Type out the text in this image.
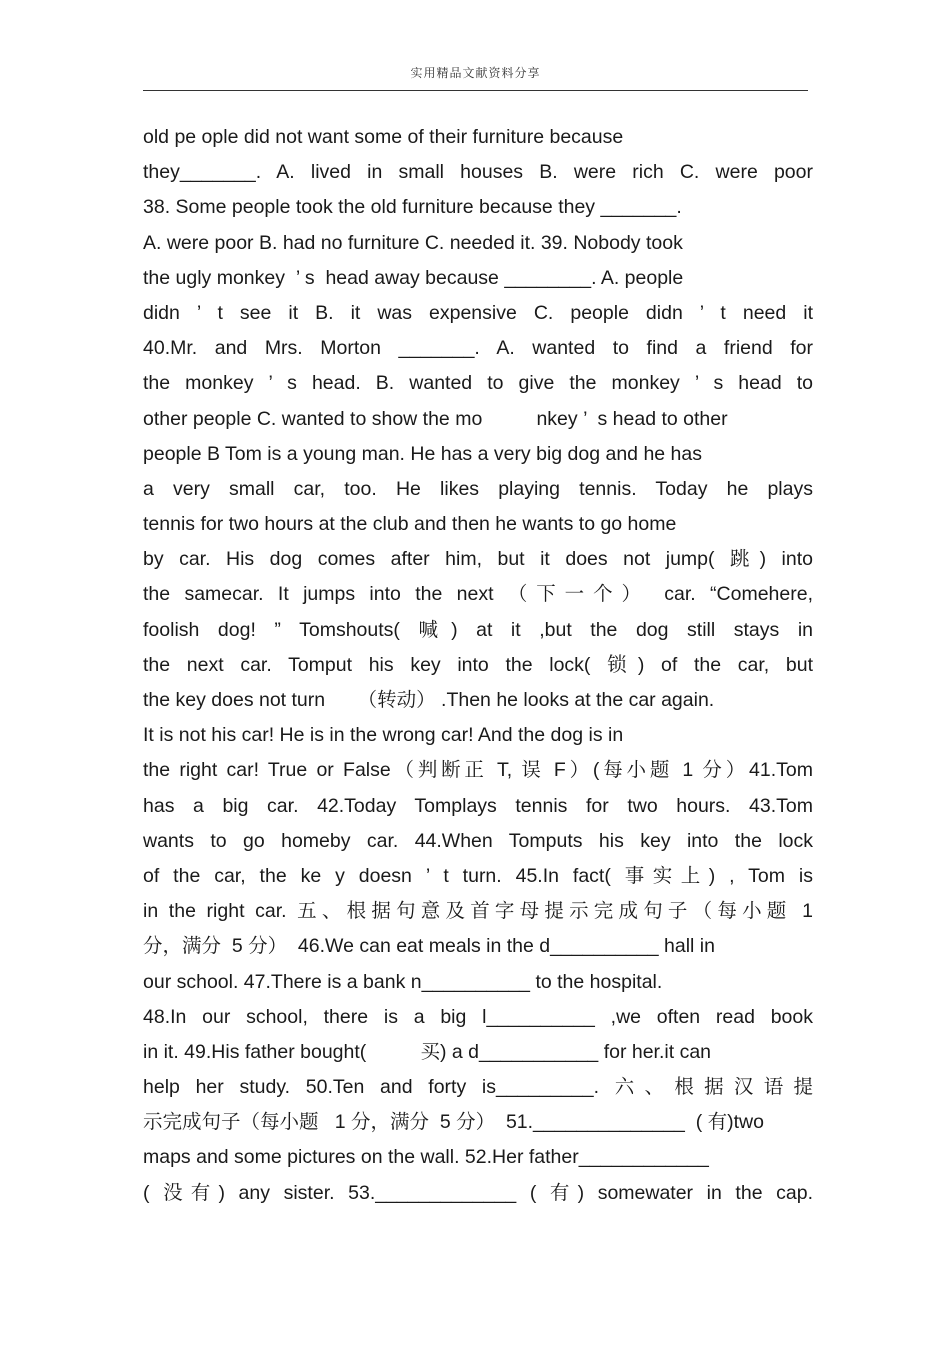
实用精品文献资料分享
old pe ople did not want some of their furniture because
they_______. A. lived in small houses B. were rich C. were poor
38. Some people took the old furniture because they _______.
A. were poor B. had no furniture C. needed it. 39. Nobody took
the ugly monkey  ’ s  head away because ________. A. people
didn ’ t see it B. it was expensive C. people didn ’ t need it
40.Mr. and Mrs. Morton _______. A. wanted to find a friend for
the monkey ’ s head. B. wanted to give the monkey ’ s head to
other people C. wanted to show the mo          nkey ’  s head to other
people B Tom is a young man. He has a very big dog and he has
a very small car, too. He likes playing tennis. Today he plays
tennis for two hours at the club and then he wants to go home
by car. His dog comes after him, but it does not jump( 跳) into
the samecar. It jumps into the next （下一个） car. “Comehere,
foolish dog! ” Tomshouts( 喊) at it ,but the dog still stays in
the next car. Tomput his key into the lock( 锁) of the car, but
the key does not turn      （转动） .Then he looks at the car again.
It is not his car! He is in the wrong car! And the dog is in
the right car! True or False（判断正 T, 误 F）(每小题 1 分）41.Tom
has a big car. 42.Today Tomplays tennis for two hours. 43.Tom
wants to go homeby car. 44.When Tomputs his key into the lock
of the car, the ke y doesn ’ t turn. 45.In fact( 事实上) , Tom is
in the right car. 五、根据句意及首字母提示完成句子（每小题 1
分，满分  5 分）  46.We can eat meals in the d__________ hall in
our school. 47.There is a bank n__________ to the hospital.
48.In our school, there is a big l__________ ,we often read book
in it. 49.His father bought(          买) a d___________ for her.it can
help her study. 50.Ten and forty is_________. 六、根据汉语提
示完成句子（每小题   1 分，满分  5 分）  51.______________  ( 有)two
maps and some pictures on the wall. 52.Her father____________
( 没有) any sister. 53._____________ ( 有) somewater in the cap.
